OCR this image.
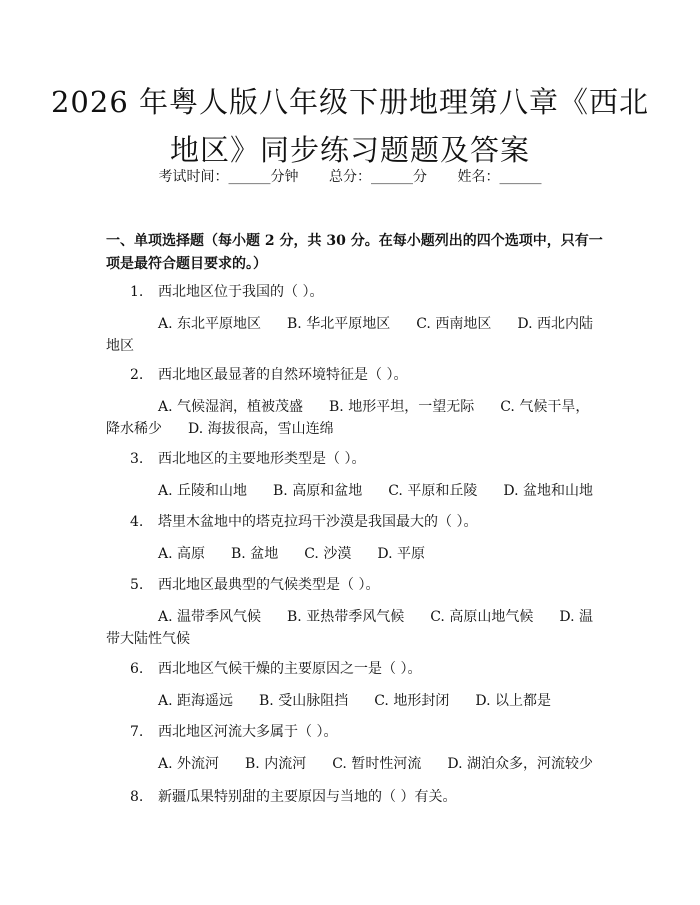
2026 年粤人版八年级下册地理第八章《西北
地区》同步练习题题及答案
考试时间：______分钟 总分：______分 姓名：______
一、单项选择题（每小题 2 分，共 30 分。在每小题列出的四个选项中，只有一项是最符合题目要求的。）
1. 西北地区位于我国的（ ）。
A. 东北平原地区 B. 华北平原地区 C. 西南地区 D. 西北内陆地区
2. 西北地区最显著的自然环境特征是（ ）。
A. 气候湿润，植被茂盛 B. 地形平坦，一望无际 C. 气候干旱，降水稀少 D. 海拔很高，雪山连绵
3. 西北地区的主要地形类型是（ ）。
A. 丘陵和山地 B. 高原和盆地 C. 平原和丘陵 D. 盆地和山地
4. 塔里木盆地中的塔克拉玛干沙漠是我国最大的（ ）。
A. 高原 B. 盆地 C. 沙漠 D. 平原
5. 西北地区最典型的气候类型是（ ）。
A. 温带季风气候 B. 亚热带季风气候 C. 高原山地气候 D. 温带大陆性气候
6. 西北地区气候干燥的主要原因之一是（ ）。
A. 距海遥远 B. 受山脉阻挡 C. 地形封闭 D. 以上都是
7. 西北地区河流大多属于（ ）。
A. 外流河 B. 内流河 C. 暂时性河流 D. 湖泊众多，河流较少
8. 新疆瓜果特别甜的主要原因与当地的（ ）有关。
